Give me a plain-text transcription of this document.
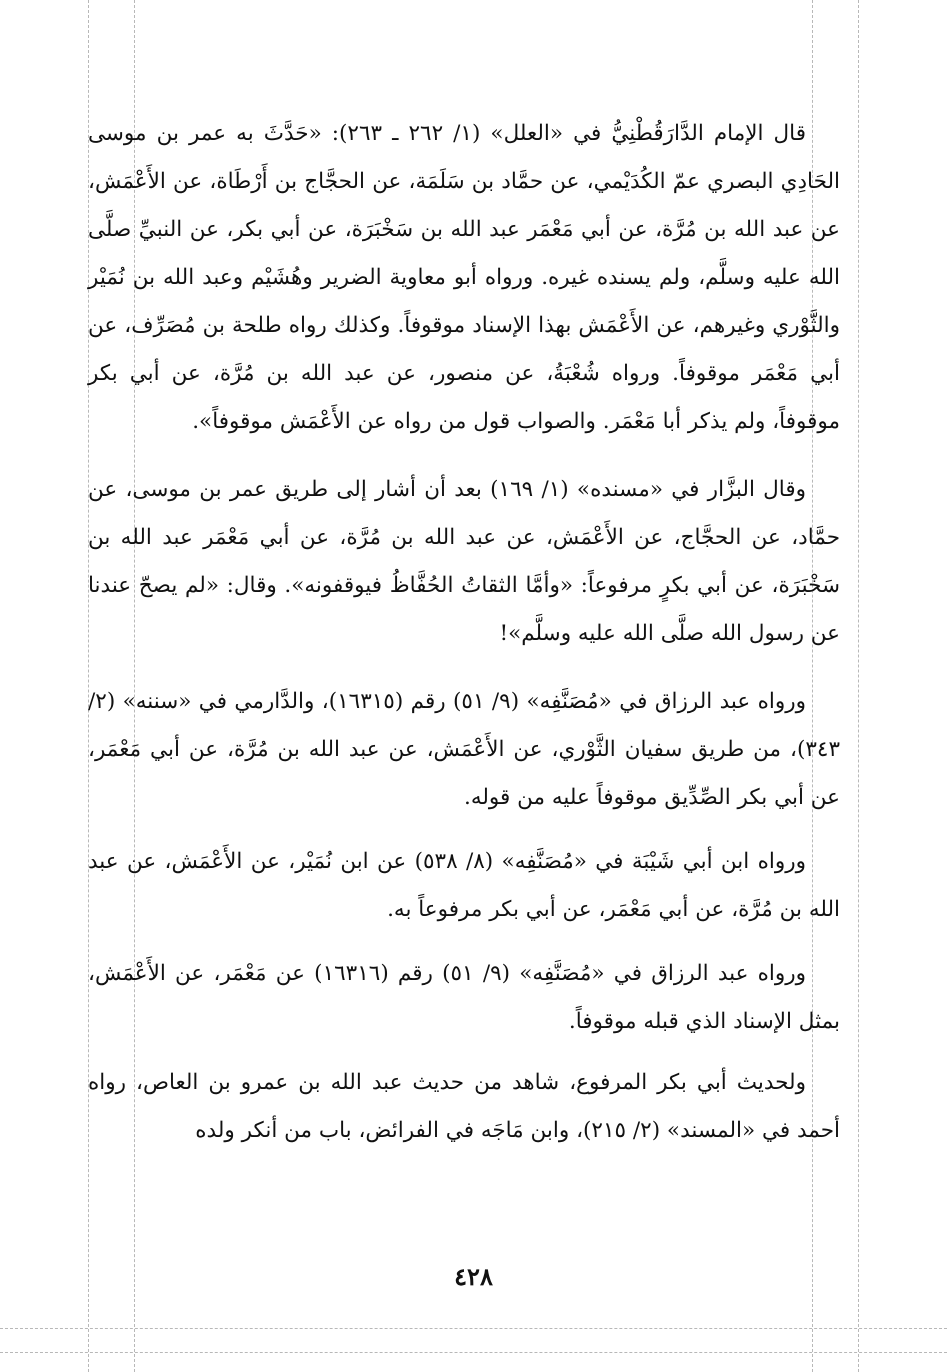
قال الإمام الدَّارَقُطْنِيُّ في «العلل» (١/ ٢٦٢ ـ ٢٦٣): «حَدَّثَ به عمر بن موسى الحَادِي البصري عمّ الكُدَيْمي، عن حمَّاد بن سَلَمَة، عن الحجَّاج بن أَرْطَاة، عن الأَعْمَش، عن عبد الله بن مُرَّة، عن أبي مَعْمَر عبد الله بن سَخْبَرَة، عن أبي بكر، عن النبيِّ صلَّى الله عليه وسلَّم، ولم يسنده غيره. ورواه أبو معاوية الضرير وهُشَيْم وعبد الله بن نُمَيْر والثَّوْري وغيرهم، عن الأَعْمَش بهذا الإسناد موقوفاً. وكذلك رواه طلحة بن مُصَرِّف، عن أبي مَعْمَر موقوفاً. ورواه شُعْبَةُ، عن منصور، عن عبد الله بن مُرَّة، عن أبي بكر موقوفاً، ولم يذكر أبا مَعْمَر. والصواب قول من رواه عن الأَعْمَش موقوفاً».

وقال البزَّار في «مسنده» (١/ ١٦٩) بعد أن أشار إلى طريق عمر بن موسى، عن حمَّاد، عن الحجَّاج، عن الأَعْمَش، عن عبد الله بن مُرَّة، عن أبي مَعْمَر عبد الله بن سَخْبَرَة، عن أبي بكرٍ مرفوعاً: «وأمَّا الثقاتُ الحُفَّاظُ فيوقفونه». وقال: «لم يصحّ عندنا عن رسول الله صلَّى الله عليه وسلَّم»!

ورواه عبد الرزاق في «مُصَنَّفِه» (٩/ ٥١) رقم (١٦٣١٥)، والدَّارمي في «سننه» (٢/ ٣٤٣)، من طريق سفيان الثَّوْري، عن الأَعْمَش، عن عبد الله بن مُرَّة، عن أبي مَعْمَر، عن أبي بكر الصِّدِّيق موقوفاً عليه من قوله.

ورواه ابن أبي شَيْبَة في «مُصَنَّفِه» (٨/ ٥٣٨) عن ابن نُمَيْر، عن الأَعْمَش، عن عبد الله بن مُرَّة، عن أبي مَعْمَر، عن أبي بكر مرفوعاً به.

ورواه عبد الرزاق في «مُصَنَّفِه» (٩/ ٥١) رقم (١٦٣١٦) عن مَعْمَر، عن الأَعْمَش، بمثل الإسناد الذي قبله موقوفاً.

ولحديث أبي بكر المرفوع، شاهد من حديث عبد الله بن عمرو بن العاص، رواه أحمد في «المسند» (٢/ ٢١٥)، وابن مَاجَه في الفرائض، باب من أنكر ولده

٤٢٨
